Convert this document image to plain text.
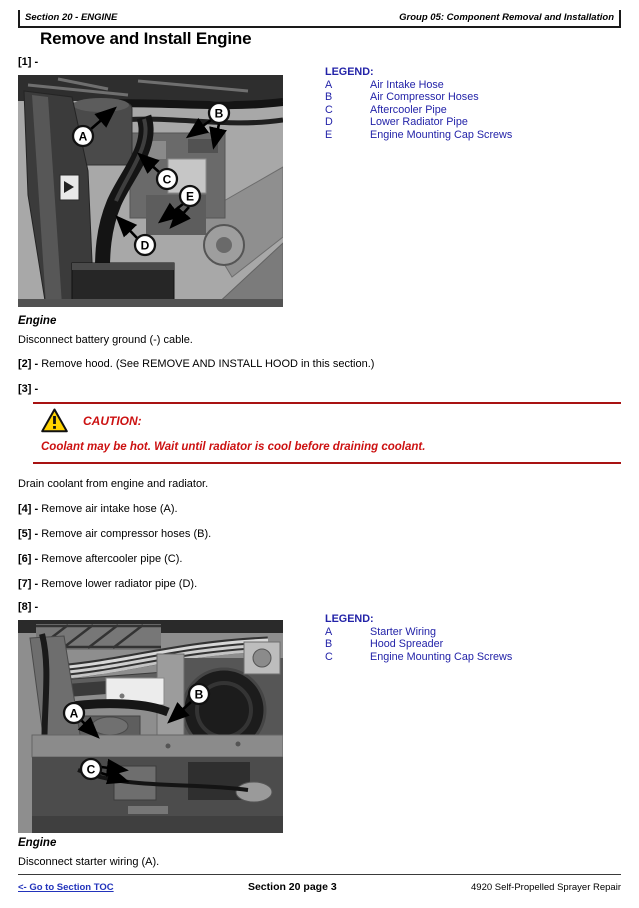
Section 20 - ENGINE	Group 05: Component Removal and Installation
Remove and Install Engine
[1] -
A
B
C
D
E
LEGEND:
A	Air Intake Hose
B	Air Compressor Hoses
C	Aftercooler Pipe
D	Lower Radiator Pipe
E	Engine Mounting Cap Screws
Engine
Disconnect battery ground (-) cable.
[2] - Remove hood. (See REMOVE AND INSTALL HOOD in this section.)
[3] -
CAUTION:
Coolant may be hot. Wait until radiator is cool before draining coolant.
Drain coolant from engine and radiator.
[4] - Remove air intake hose (A).
[5] - Remove air compressor hoses (B).
[6] - Remove aftercooler pipe (C).
[7] - Remove lower radiator pipe (D).
[8] -
A
B
C
LEGEND:
A	Starter Wiring
B	Hood Spreader
C	Engine Mounting Cap Screws
Engine
Disconnect starter wiring (A).
<- Go to Section TOC	Section 20 page 3	4920 Self-Propelled Sprayer Repair
